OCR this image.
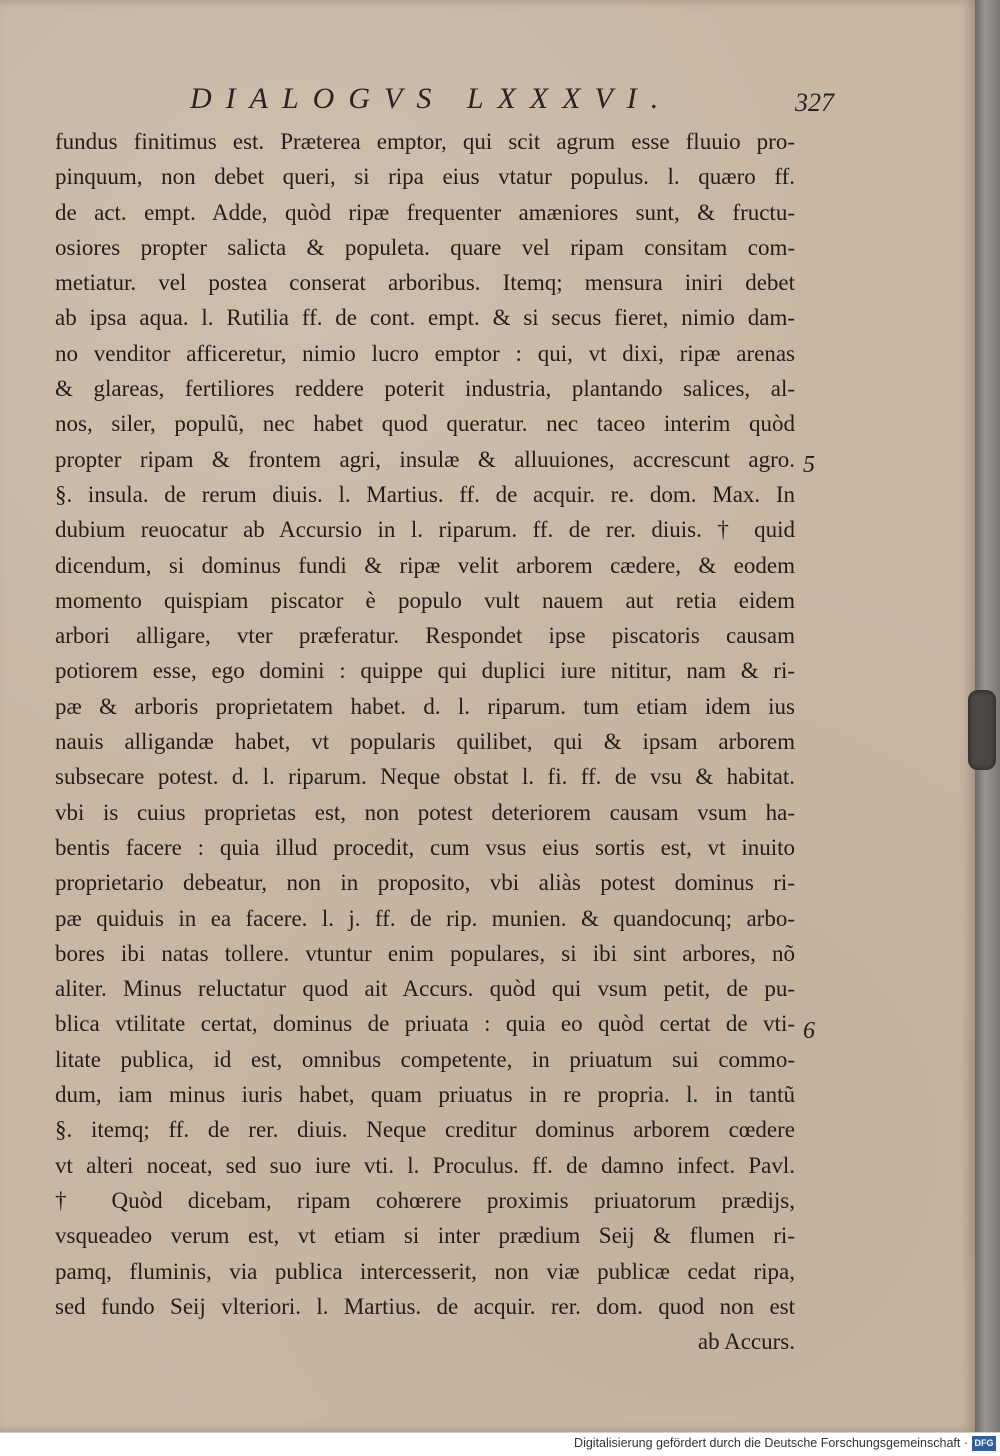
DIALOGVS LXXXVI.	327
fundus finitimus est. Præterea emptor, qui scit agrum esse fluuio pro-
pinquum, non debet queri, si ripa eius vtatur populus. l. quæro ff.
de act. empt. Adde, quòd ripæ frequenter amæniores sunt, & fructu-
osiores propter salicta & populeta. quare vel ripam consitam com-
metiatur. vel postea conserat arboribus. Itemq; mensura iniri debet
ab ipsa aqua. l. Rutilia ff. de cont. empt. & si secus fieret, nimio dam-
no venditor afficeretur, nimio lucro emptor : qui, vt dixi, ripæ arenas
& glareas, fertiliores reddere poterit industria, plantando salices, al-
nos, siler, populũ, nec habet quod queratur. nec taceo interim quòd
propter ripam & frontem agri, insulæ & alluuiones, accrescunt agro.
§. insula. de rerum diuis. l. Martius. ff. de acquir. re. dom. Max. In
dubium reuocatur ab Accursio in l. riparum. ff. de rer. diuis. † quid
dicendum, si dominus fundi & ripæ velit arborem cædere, & eodem
momento quispiam piscator è populo vult nauem aut retia eidem
arbori alligare, vter præferatur. Respondet ipse piscatoris causam
potiorem esse, ego domini : quippe qui duplici iure nititur, nam & ri-
pæ & arboris proprietatem habet. d. l. riparum. tum etiam idem ius
nauis alligandæ habet, vt popularis quilibet, qui & ipsam arborem
subsecare potest. d. l. riparum. Neque obstat l. fi. ff. de vsu & habitat.
vbi is cuius proprietas est, non potest deteriorem causam vsum ha-
bentis facere : quia illud procedit, cum vsus eius sortis est, vt inuito
proprietario debeatur, non in proposito, vbi aliàs potest dominus ri-
pæ quiduis in ea facere. l. j. ff. de rip. munien. & quandocunq; arbo-
bores ibi natas tollere. vtuntur enim populares, si ibi sint arbores, nõ
aliter. Minus reluctatur quod ait Accurs. quòd qui vsum petit, de pu-
blica vtilitate certat, dominus de priuata : quia eo quòd certat de vti-
litate publica, id est, omnibus competente, in priuatum sui commo-
dum, iam minus iuris habet, quam priuatus in re propria. l. in tantũ
§. itemq; ff. de rer. diuis. Neque creditur dominus arborem cœdere
vt alteri noceat, sed suo iure vti. l. Proculus. ff. de damno infect. Pavl.
† Quòd dicebam, ripam cohœrere proximis priuatorum prædijs,
vsqueadeo verum est, vt etiam si inter prædium Seij & flumen ri-
pamq, fluminis, via publica intercesserit, non viæ publicæ cedat ripa,
sed fundo Seij vlteriori. l. Martius. de acquir. rer. dom. quod non est
ab Accurs.
5
6
Digitalisierung gefördert durch die Deutsche Forschungsgemeinschaft · DFG
